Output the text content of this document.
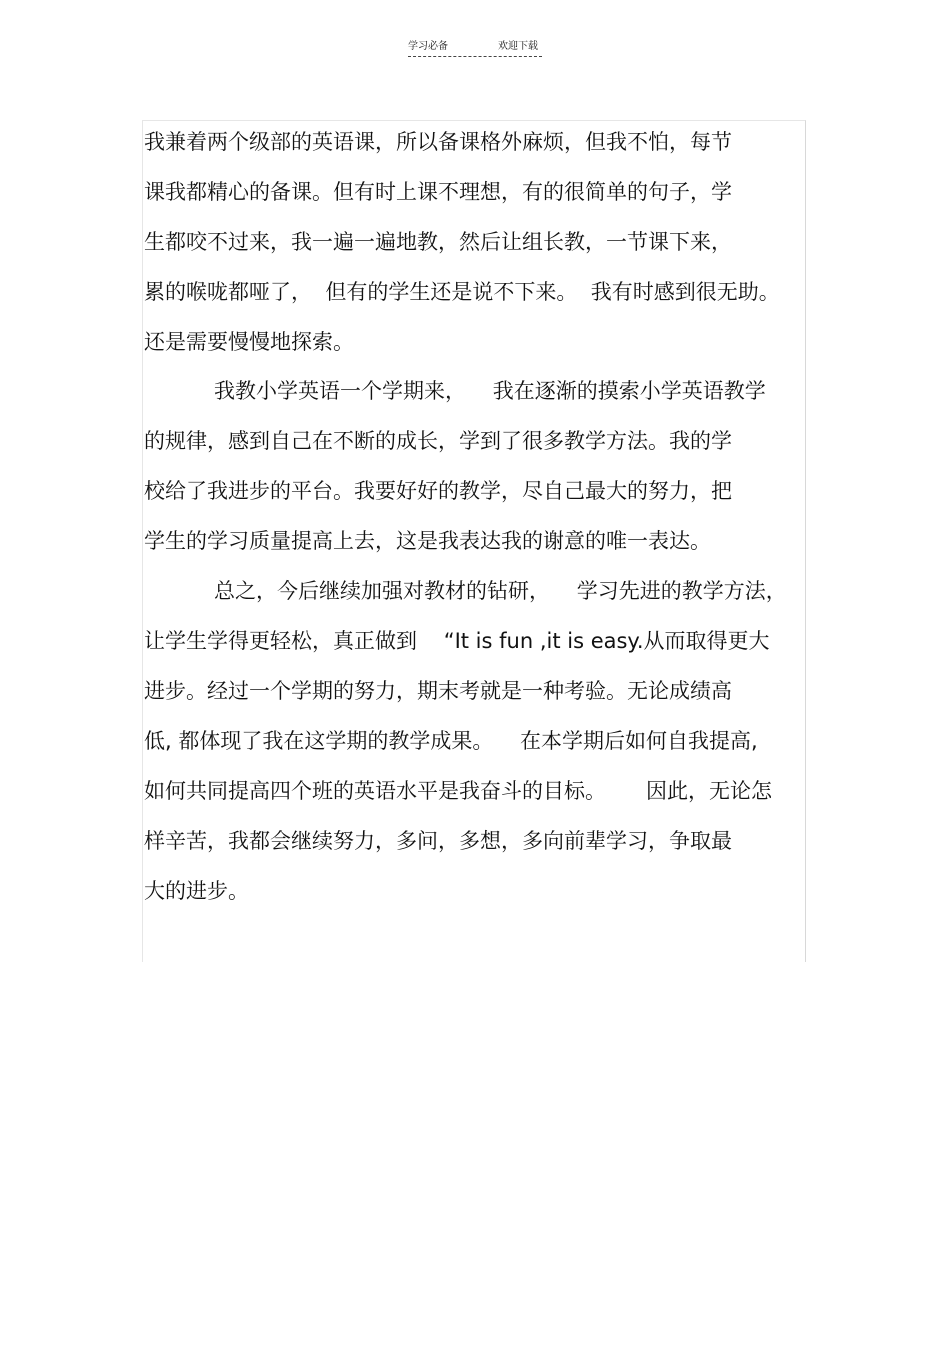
学习必备	欢迎下载
我兼着两个级部的英语课，所以备课格外麻烦，但我不怕，每节
课我都精心的备课。但有时上课不理想，有的很简单的句子，学
生都咬不过来，我一遍一遍地教，然后让组长教，一节课下来，
累的喉咙都哑了，  但有的学生还是说不下来。  我有时感到很无助。
还是需要慢慢地探索。
我教小学英语一个学期来，    我在逐渐的摸索小学英语教学
的规律，感到自己在不断的成长，学到了很多教学方法。我的学
校给了我进步的平台。我要好好的教学，尽自己最大的努力，把
学生的学习质量提高上去，这是我表达我的谢意的唯一表达。
总之，今后继续加强对教材的钻研，    学习先进的教学方法，
让学生学得更轻松，真正做到    “It is fun ,it is easy.从而取得更大
进步。经过一个学期的努力，期末考就是一种考验。无论成绩高
低, 都体现了我在这学期的教学成果。    在本学期后如何自我提高,
如何共同提高四个班的英语水平是我奋斗的目标。      因此，无论怎
样辛苦，我都会继续努力，多问，多想，多向前辈学习，争取最
大的进步。
